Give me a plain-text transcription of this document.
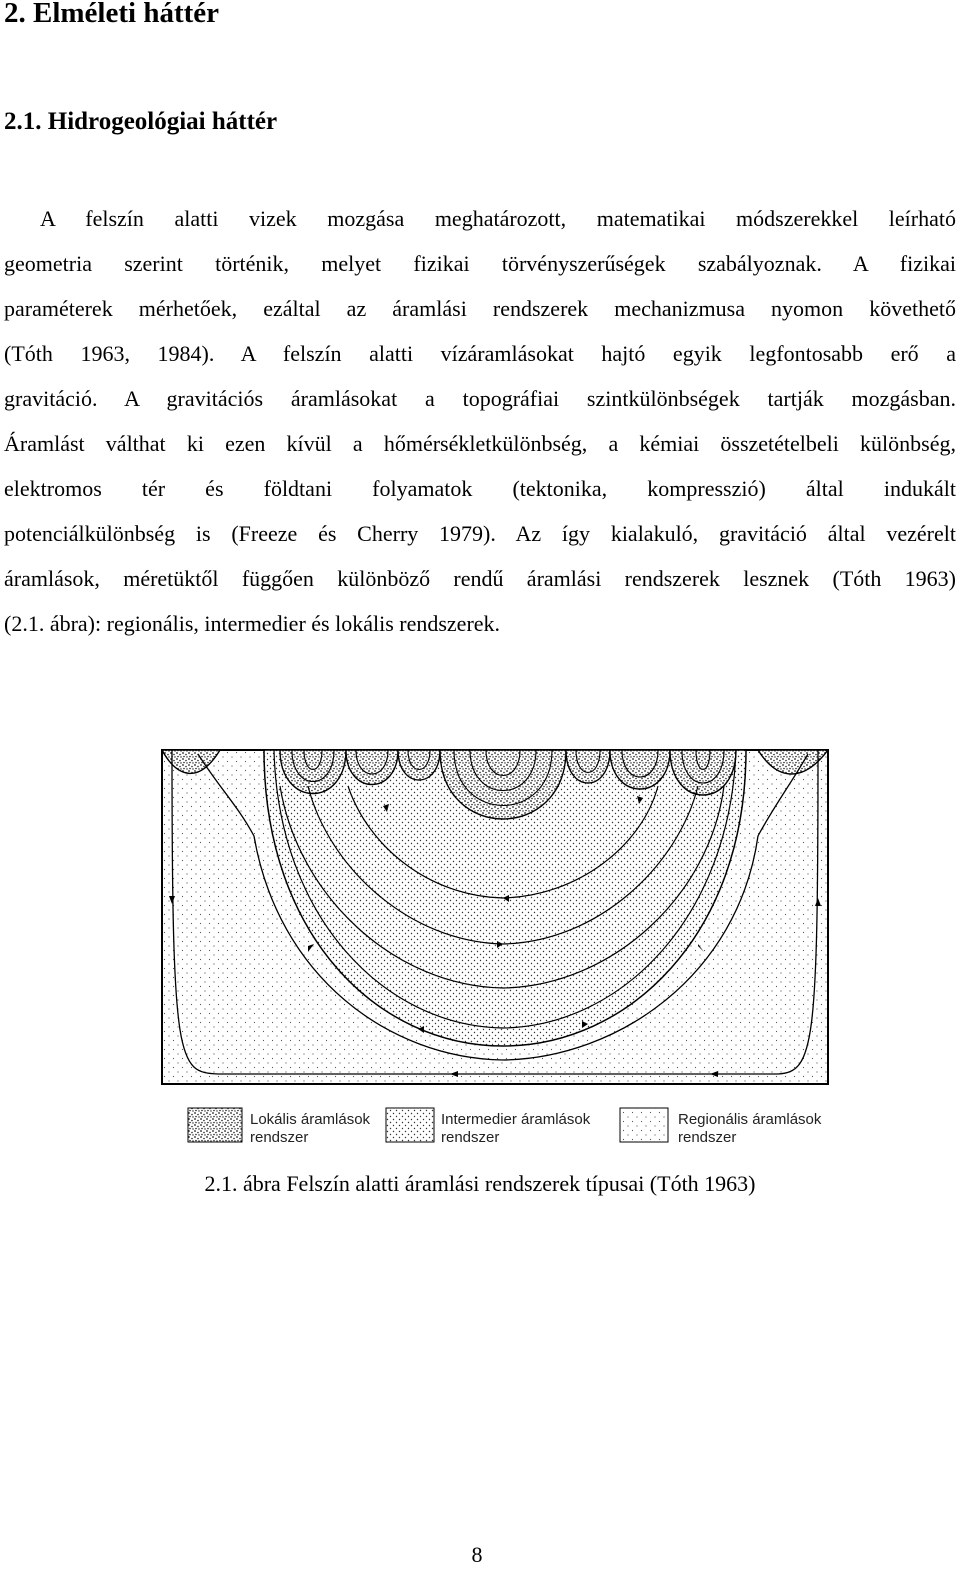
2. Elméleti háttér
2.1. Hidrogeológiai háttér
A felszín alatti vizek mozgása meghatározott, matematikai módszerekkel leírható
geometria szerint történik, melyet fizikai törvényszerűségek szabályoznak. A fizikai
paraméterek mérhetőek, ezáltal az áramlási rendszerek mechanizmusa nyomon követhető
(Tóth 1963, 1984). A felszín alatti vízáramlásokat hajtó egyik legfontosabb erő a
gravitáció. A gravitációs áramlásokat a topográfiai szintkülönbségek tartják mozgásban.
Áramlást válthat ki ezen kívül a hőmérsékletkülönbség, a kémiai összetételbeli különbség,
elektromos tér és földtani folyamatok (tektonika, kompresszió) által indukált
potenciálkülönbség is (Freeze és Cherry 1979). Az így kialakuló, gravitáció által vezérelt
áramlások, méretüktől függően különböző rendű áramlási rendszerek lesznek (Tóth 1963)
(2.1. ábra): regionális, intermedier és lokális rendszerek.
Lokális áramlások
rendszer
Intermedier áramlások
rendszer
Regionális áramlások
rendszer
2.1. ábra Felszín alatti áramlási rendszerek típusai (Tóth 1963)
8
